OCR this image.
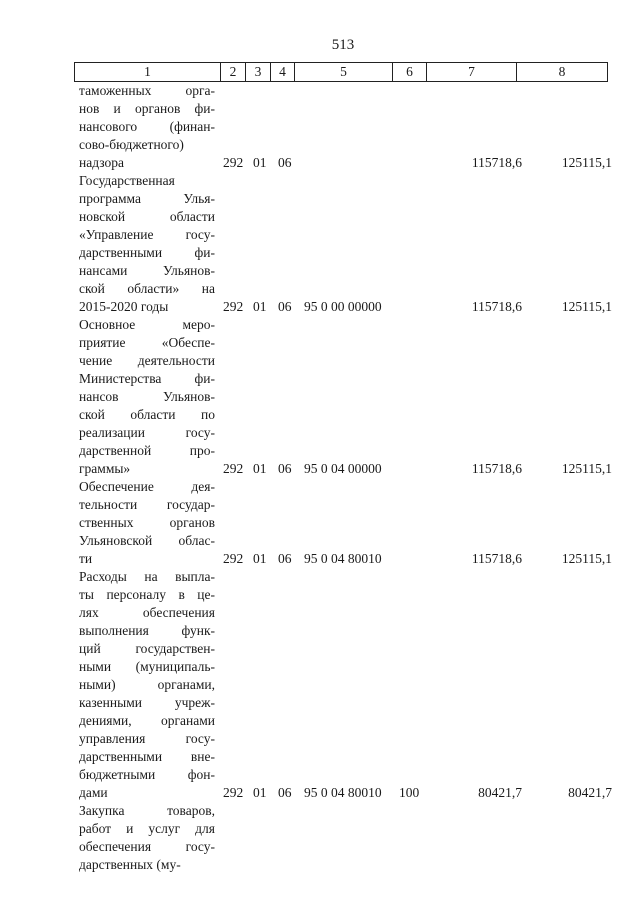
513
1	2	3	4	5	6	7	8
таможенных орга-
нов и органов фи-
нансового (финан-
сово-бюджетного)
надзора	292 01 06	115718,6	125115,1
Государственная
программа Улья-
новской области
«Управление госу-
дарственными фи-
нансами Ульянов-
ской области» на
2015-2020 годы	292 01 06 95 0 00 00000	115718,6	125115,1
Основное меро-
приятие «Обеспе-
чение деятельности
Министерства фи-
нансов Ульянов-
ской области по
реализации госу-
дарственной про-
граммы»	292 01 06 95 0 04 00000	115718,6	125115,1
Обеспечение дея-
тельности государ-
ственных органов
Ульяновской облас-
ти	292 01 06 95 0 04 80010	115718,6	125115,1
Расходы на выпла-
ты персоналу в це-
лях обеспечения
выполнения функ-
ций государствен-
ными (муниципаль-
ными) органами,
казенными учреж-
дениями, органами
управления госу-
дарственными вне-
бюджетными фон-
дами	292 01 06 95 0 04 80010	100	80421,7	80421,7
Закупка товаров,
работ и услуг для
обеспечения госу-
дарственных (му-
